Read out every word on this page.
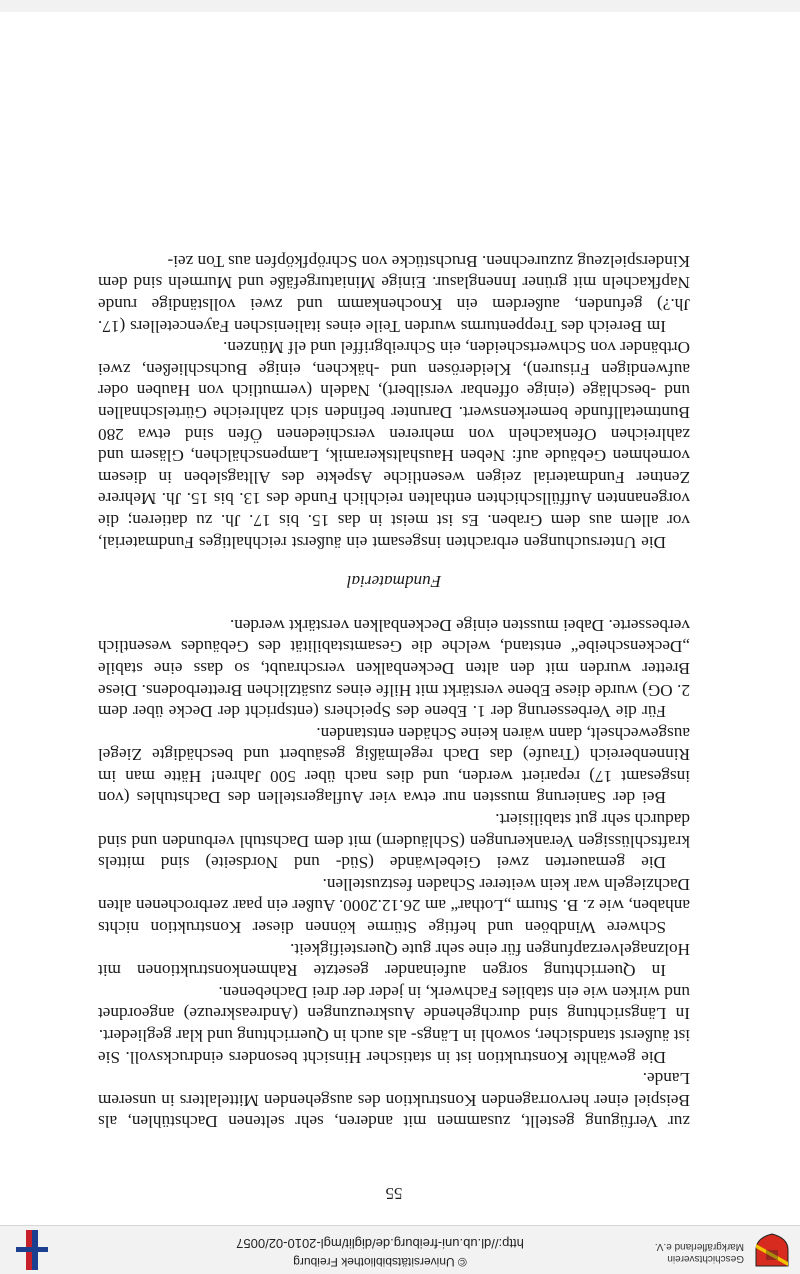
Geschichtsverein
Markgräflerland e.V.
© Universitätsbibliothek Freiburg
http://dl.ub.uni-freiburg.de/diglit/mgl-2010-02/0057
55

zur Verfügung gestellt, zusammen mit anderen, sehr seltenen Dachstühlen, als Beispiel einer hervorragenden Konstruktion des ausgehenden Mittelalters in unserem Lande.

Die gewählte Konstruktion ist in statischer Hinsicht besonders eindrucksvoll. Sie ist äußerst standsicher, sowohl in Längs- als auch in Querrichtung und klar gegliedert.

In Längsrichtung sind durchgehende Auskreuzungen (Andreaskreuze) angeordnet und wirken wie ein stabiles Fachwerk, in jeder der drei Dachebenen.

In Querrichtung sorgen aufeinander gesetzte Rahmenkonstruktionen mit Holznagelverzapfungen für eine sehr gute Quersteifigkeit.

Schwere Windböen und heftige Stürme können dieser Konstruktion nichts anhaben, wie z. B. Sturm „Lothar“ am 26.12.2000. Außer ein paar zerbrochenen alten Dachziegeln war kein weiterer Schaden festzustellen.

Die gemauerten zwei Giebelwände (Süd- und Nordseite) sind mittels kraftschlüssigen Verankerungen (Schläudern) mit dem Dachstuhl verbunden und sind dadurch sehr gut stabilisiert.

Bei der Sanierung mussten nur etwa vier Auflagerstellen des Dachstuhles (von insgesamt 17) repariert werden, und dies nach über 500 Jahren! Hätte man im Rinnenbereich (Traufe) das Dach regelmäßig gesäubert und beschädigte Ziegel ausgewechselt, dann wären keine Schäden entstanden.

Für die Verbesserung der 1. Ebene des Speichers (entspricht der Decke über dem 2. OG) wurde diese Ebene verstärkt mit Hilfe eines zusätzlichen Bretterbodens. Diese Bretter wurden mit den alten Deckenbalken verschraubt, so dass eine stabile „Deckenscheibe“ entstand, welche die Gesamtstabilität des Gebäudes wesentlich verbesserte. Dabei mussten einige Deckenbalken verstärkt werden.

Fundmaterial

Die Untersuchungen erbrachten insgesamt ein äußerst reichhaltiges Fundmaterial, vor allem aus dem Graben. Es ist meist in das 15. bis 17. Jh. zu datieren; die vorgenannten Auffüllschichten enthalten reichlich Funde des 13. bis 15. Jh. Mehrere Zentner Fundmaterial zeigen wesentliche Aspekte des Alltagsleben in diesem vornehmen Gebäude auf: Neben Haushaltskeramik, Lampenschälchen, Gläsern und zahlreichen Ofenkacheln von mehreren verschiedenen Öfen sind etwa 280 Buntmetallfunde bemerkenswert. Darunter befinden sich zahlreiche Gürtelschnallen und -beschläge (einige offenbar versilbert), Nadeln (vermutlich von Hauben oder aufwendigen Frisuren), Kleiderösen und -häkchen, einige Buchschließen, zwei Ortbänder von Schwertscheiden, ein Schreibgriffel und elf Münzen.

Im Bereich des Treppenturms wurden Teile eines italienischen Fayencetellers (17. Jh.?) gefunden, außerdem ein Knochenkamm und zwei vollständige runde Napfkacheln mit grüner Innenglasur. Einige Miniaturgefäße und Murmeln sind dem Kinderspielzeug zuzurechnen. Bruchstücke von Schröpfköpfen aus Ton zei-
